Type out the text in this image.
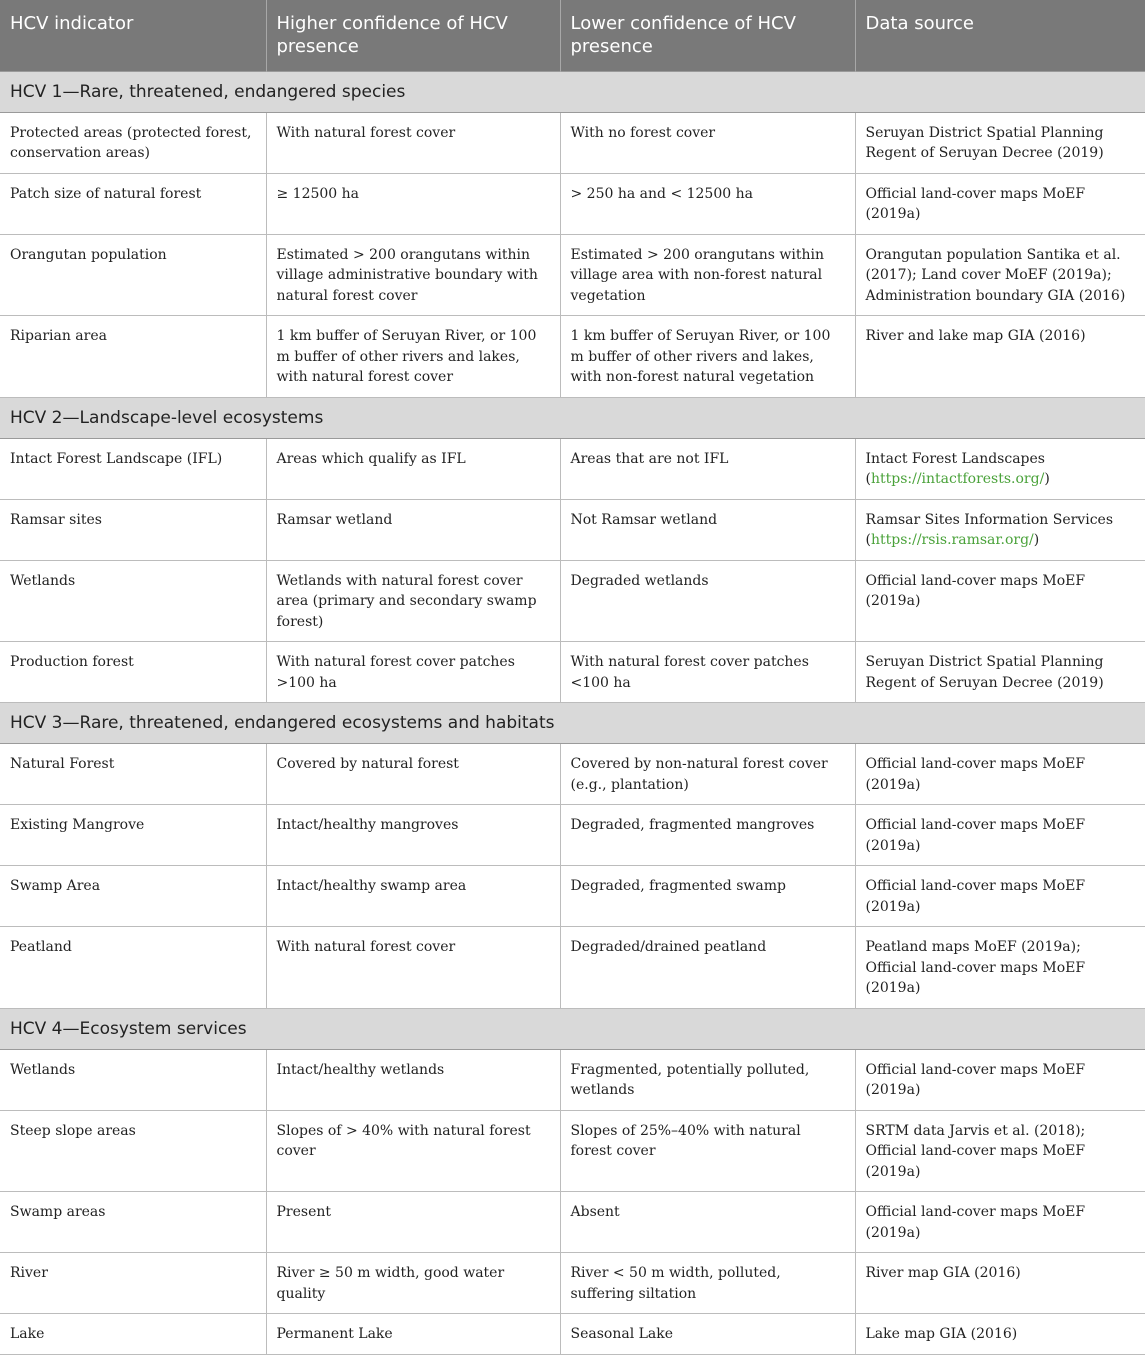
HCV indicator	Higher confidence of HCV presence	Lower confidence of HCV presence	Data source
HCV 1—Rare, threatened, endangered species			
Protected areas (protected forest, conservation areas)	With natural forest cover	With no forest cover	Seruyan District Spatial Planning Regent of Seruyan Decree (2019)
Patch size of natural forest	≥ 12500 ha	> 250 ha and < 12500 ha	Official land-cover maps MoEF (2019a)
Orangutan population	Estimated > 200 orangutans within village administrative boundary with natural forest cover	Estimated > 200 orangutans within village area with non-forest natural vegetation	Orangutan population Santika et al. (2017); Land cover MoEF (2019a); Administration boundary GIA (2016)
Riparian area	1 km buffer of Seruyan River, or 100 m buffer of other rivers and lakes, with natural forest cover	1 km buffer of Seruyan River, or 100 m buffer of other rivers and lakes, with non-forest natural vegetation	River and lake map GIA (2016)
HCV 2—Landscape-level ecosystems			
Intact Forest Landscape (IFL)	Areas which qualify as IFL	Areas that are not IFL	Intact Forest Landscapes (https://intactforests.org/)
Ramsar sites	Ramsar wetland	Not Ramsar wetland	Ramsar Sites Information Services (https://rsis.ramsar.org/)
Wetlands	Wetlands with natural forest cover area (primary and secondary swamp forest)	Degraded wetlands	Official land-cover maps MoEF (2019a)
Production forest	With natural forest cover patches >100 ha	With natural forest cover patches <100 ha	Seruyan District Spatial Planning Regent of Seruyan Decree (2019)
HCV 3—Rare, threatened, endangered ecosystems and habitats			
Natural Forest	Covered by natural forest	Covered by non-natural forest cover (e.g., plantation)	Official land-cover maps MoEF (2019a)
Existing Mangrove	Intact/healthy mangroves	Degraded, fragmented mangroves	Official land-cover maps MoEF (2019a)
Swamp Area	Intact/healthy swamp area	Degraded, fragmented swamp	Official land-cover maps MoEF (2019a)
Peatland	With natural forest cover	Degraded/drained peatland	Peatland maps MoEF (2019a); Official land-cover maps MoEF (2019a)
HCV 4—Ecosystem services			
Wetlands	Intact/healthy wetlands	Fragmented, potentially polluted, wetlands	Official land-cover maps MoEF (2019a)
Steep slope areas	Slopes of > 40% with natural forest cover	Slopes of 25%–40% with natural forest cover	SRTM data Jarvis et al. (2018); Official land-cover maps MoEF (2019a)
Swamp areas	Present	Absent	Official land-cover maps MoEF (2019a)
River	River ≥ 50 m width, good water quality	River < 50 m width, polluted, suffering siltation	River map GIA (2016)
Lake	Permanent Lake	Seasonal Lake	Lake map GIA (2016)
